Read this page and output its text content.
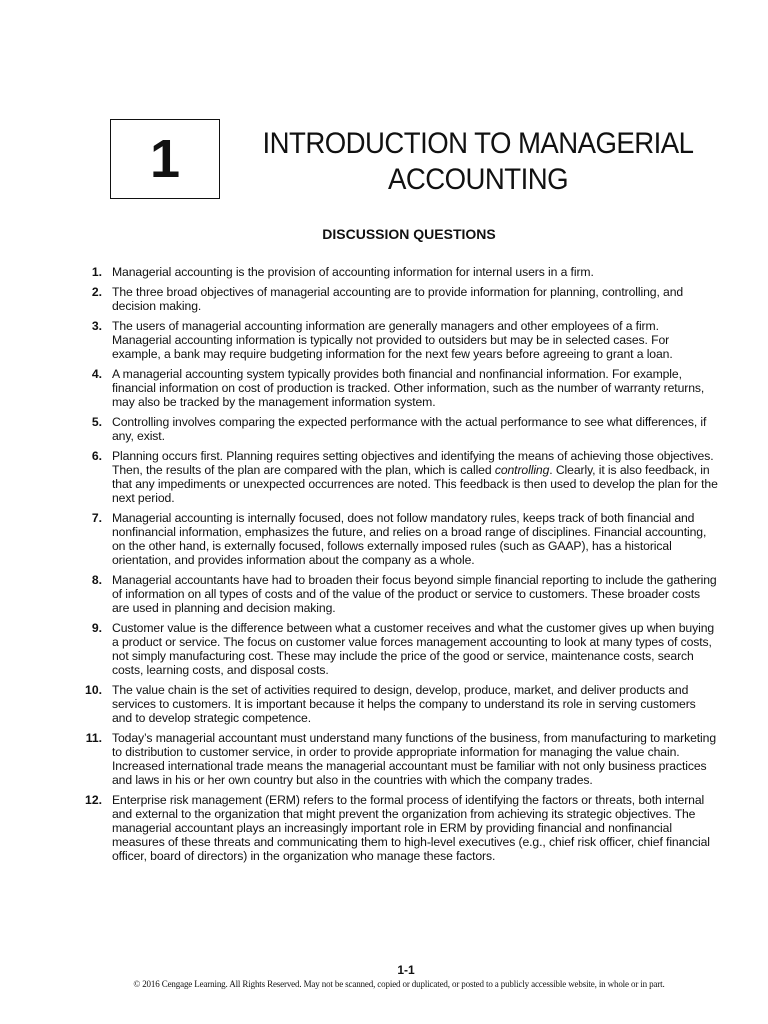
1	INTRODUCTION TO MANAGERIAL
ACCOUNTING
DISCUSSION QUESTIONS
1. Managerial accounting is the provision of accounting information for internal users in a firm.
2. The three broad objectives of managerial accounting are to provide information for planning, controlling, and decision making.
3. The users of managerial accounting information are generally managers and other employees of a firm. Managerial accounting information is typically not provided to outsiders but may be in selected cases. For example, a bank may require budgeting information for the next few years before agreeing to grant a loan.
4. A managerial accounting system typically provides both financial and nonfinancial information. For example, financial information on cost of production is tracked. Other information, such as the number of warranty returns, may also be tracked by the management information system.
5. Controlling involves comparing the expected performance with the actual performance to see what differences, if any, exist.
6. Planning occurs first. Planning requires setting objectives and identifying the means of achieving those objectives. Then, the results of the plan are compared with the plan, which is called controlling. Clearly, it is also feedback, in that any impediments or unexpected occurrences are noted. This feedback is then used to develop the plan for the next period.
7. Managerial accounting is internally focused, does not follow mandatory rules, keeps track of both financial and nonfinancial information, emphasizes the future, and relies on a broad range of disciplines. Financial accounting, on the other hand, is externally focused, follows externally imposed rules (such as GAAP), has a historical orientation, and provides information about the company as a whole.
8. Managerial accountants have had to broaden their focus beyond simple financial reporting to include the gathering of information on all types of costs and of the value of the product or service to customers. These broader costs are used in planning and decision making.
9. Customer value is the difference between what a customer receives and what the customer gives up when buying a product or service. The focus on customer value forces management accounting to look at many types of costs, not simply manufacturing cost. These may include the price of the good or service, maintenance costs, search costs, learning costs, and disposal costs.
10. The value chain is the set of activities required to design, develop, produce, market, and deliver products and services to customers. It is important because it helps the company to understand its role in serving customers and to develop strategic competence.
11. Today’s managerial accountant must understand many functions of the business, from manufacturing to marketing to distribution to customer service, in order to provide appropriate information for managing the value chain. Increased international trade means the managerial accountant must be familiar with not only business practices and laws in his or her own country but also in the countries with which the company trades.
12. Enterprise risk management (ERM) refers to the formal process of identifying the factors or threats, both internal and external to the organization that might prevent the organization from achieving its strategic objectives. The managerial accountant plays an increasingly important role in ERM by providing financial and nonfinancial measures of these threats and communicating them to high-level executives (e.g., chief risk officer, chief financial officer, board of directors) in the organization who manage these factors.
1-1
© 2016 Cengage Learning. All Rights Reserved. May not be scanned, copied or duplicated, or posted to a publicly accessible website, in whole or in part.
